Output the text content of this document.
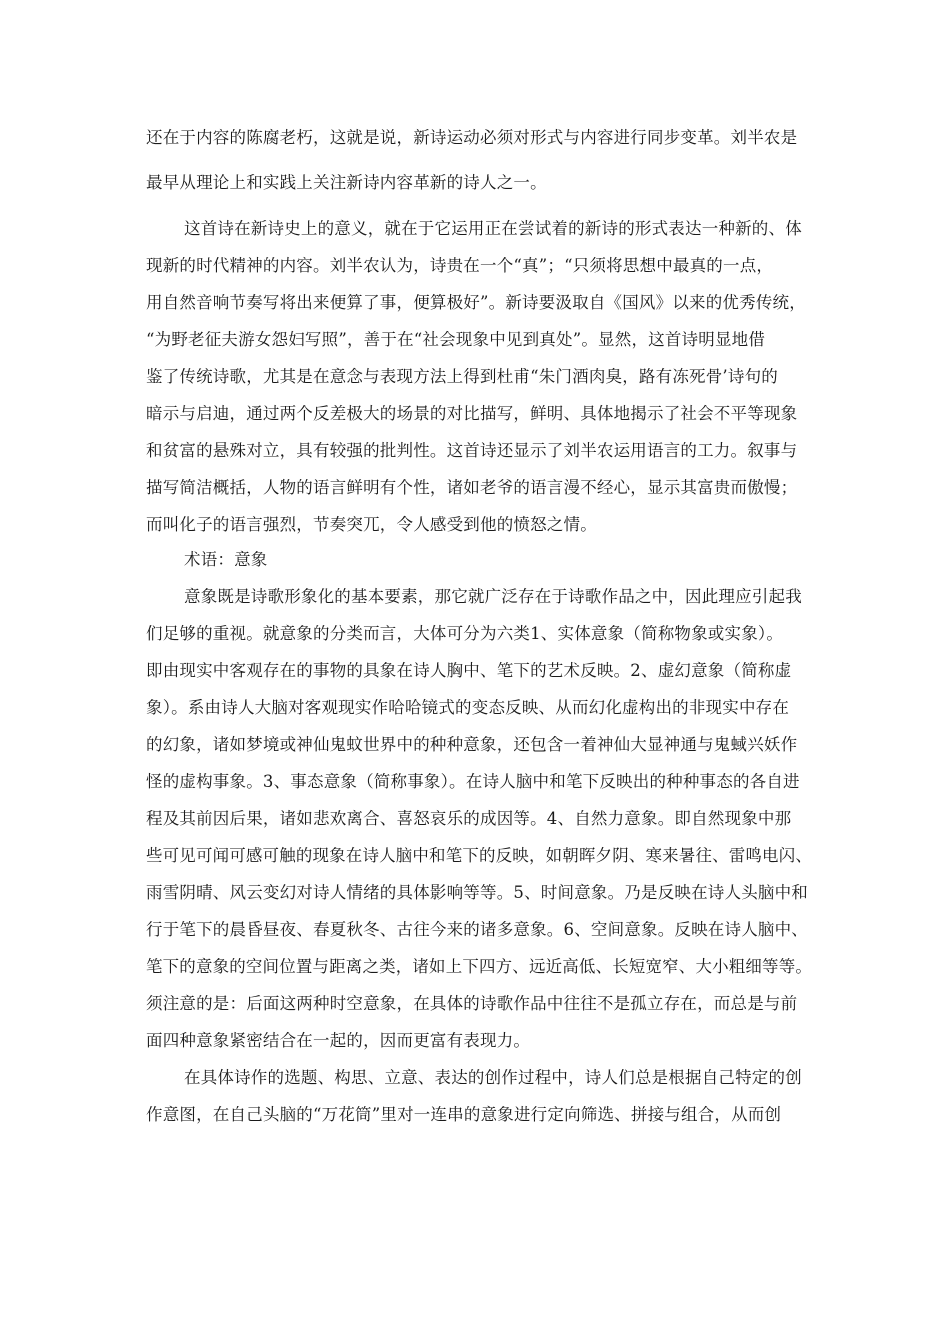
还在于内容的陈腐老朽，这就是说，新诗运动必须对形式与内容进行同步变革。刘半农是
最早从理论上和实践上关注新诗内容革新的诗人之一。
这首诗在新诗史上的意义，就在于它运用正在尝试着的新诗的形式表达一种新的、体
现新的时代精神的内容。刘半农认为，诗贵在一个“真”；“只须将思想中最真的一点，
用自然音响节奏写将出来便算了事，便算极好”。新诗要汲取自《国风》以来的优秀传统，
“为野老征夫游女怨妇写照”，善于在“社会现象中见到真处”。显然，这首诗明显地借
鉴了传统诗歌，尤其是在意念与表现方法上得到杜甫“朱门酒肉臭，路有冻死骨’诗句的
暗示与启迪，通过两个反差极大的场景的对比描写，鲜明、具体地揭示了社会不平等现象
和贫富的悬殊对立，具有较强的批判性。这首诗还显示了刘半农运用语言的工力。叙事与
描写简洁概括，人物的语言鲜明有个性，诸如老爷的语言漫不经心，显示其富贵而傲慢；
而叫化子的语言强烈，节奏突兀，令人感受到他的愤怒之情。
术语：意象
意象既是诗歌形象化的基本要素，那它就广泛存在于诗歌作品之中，因此理应引起我
们足够的重视。就意象的分类而言，大体可分为六类1、实体意象（简称物象或实象）。
即由现实中客观存在的事物的具象在诗人胸中、笔下的艺术反映。2、虚幻意象（简称虚
象）。系由诗人大脑对客观现实作哈哈镜式的变态反映、从而幻化虚构出的非现实中存在
的幻象，诸如梦境或神仙鬼蚊世界中的种种意象，还包含一着神仙大显神通与鬼蜮兴妖作
怪的虚构事象。3、事态意象（简称事象）。在诗人脑中和笔下反映出的种种事态的各自进
程及其前因后果，诸如悲欢离合、喜怒哀乐的成因等。4、自然力意象。即自然现象中那
些可见可闻可感可触的现象在诗人脑中和笔下的反映，如朝晖夕阴、寒来暑往、雷鸣电闪、
雨雪阴晴、风云变幻对诗人情绪的具体影响等等。5、时间意象。乃是反映在诗人头脑中和
行于笔下的晨昏昼夜、春夏秋冬、古往今来的诸多意象。6、空间意象。反映在诗人脑中、
笔下的意象的空间位置与距离之类，诸如上下四方、远近高低、长短宽窄、大小粗细等等。
须注意的是：后面这两种时空意象，在具体的诗歌作品中往往不是孤立存在，而总是与前
面四种意象紧密结合在一起的，因而更富有表现力。
在具体诗作的选题、构思、立意、表达的创作过程中，诗人们总是根据自己特定的创
作意图，在自己头脑的“万花筒”里对一连串的意象进行定向筛选、拼接与组合，从而创
